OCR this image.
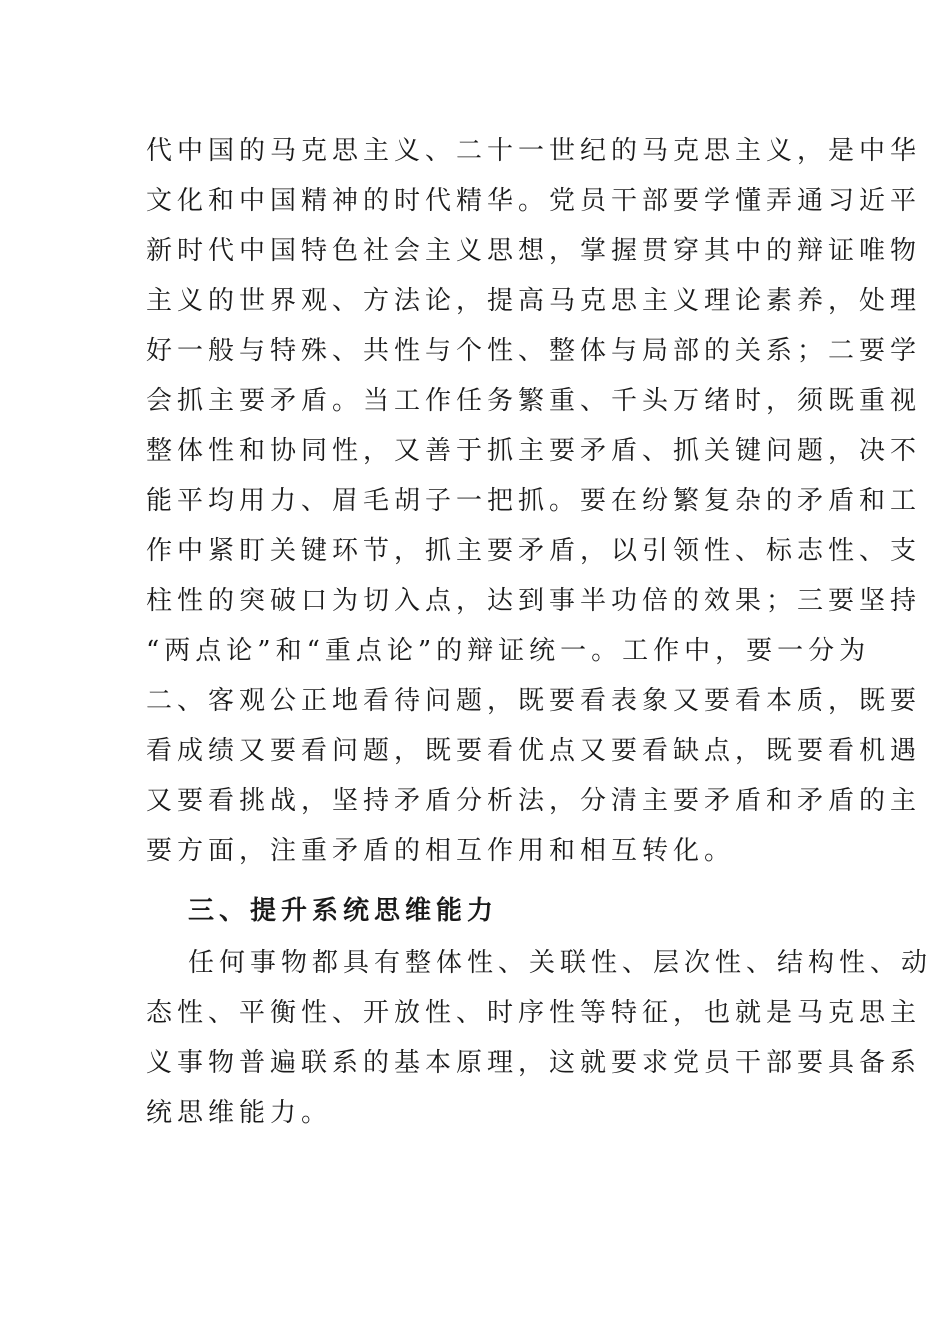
代中国的马克思主义、二十一世纪的马克思主义，是中华
文化和中国精神的时代精华。党员干部要学懂弄通习近平
新时代中国特色社会主义思想，掌握贯穿其中的辩证唯物
主义的世界观、方法论，提高马克思主义理论素养，处理
好一般与特殊、共性与个性、整体与局部的关系；二要学
会抓主要矛盾。当工作任务繁重、千头万绪时，须既重视
整体性和协同性，又善于抓主要矛盾、抓关键问题，决不
能平均用力、眉毛胡子一把抓。要在纷繁复杂的矛盾和工
作中紧盯关键环节，抓主要矛盾，以引领性、标志性、支
柱性的突破口为切入点，达到事半功倍的效果；三要坚持
“两点论”和“重点论”的辩证统一。工作中，要一分为
二、客观公正地看待问题，既要看表象又要看本质，既要
看成绩又要看问题，既要看优点又要看缺点，既要看机遇
又要看挑战，坚持矛盾分析法，分清主要矛盾和矛盾的主
要方面，注重矛盾的相互作用和相互转化。
三、提升系统思维能力
任何事物都具有整体性、关联性、层次性、结构性、动
态性、平衡性、开放性、时序性等特征，也就是马克思主
义事物普遍联系的基本原理，这就要求党员干部要具备系
统思维能力。
